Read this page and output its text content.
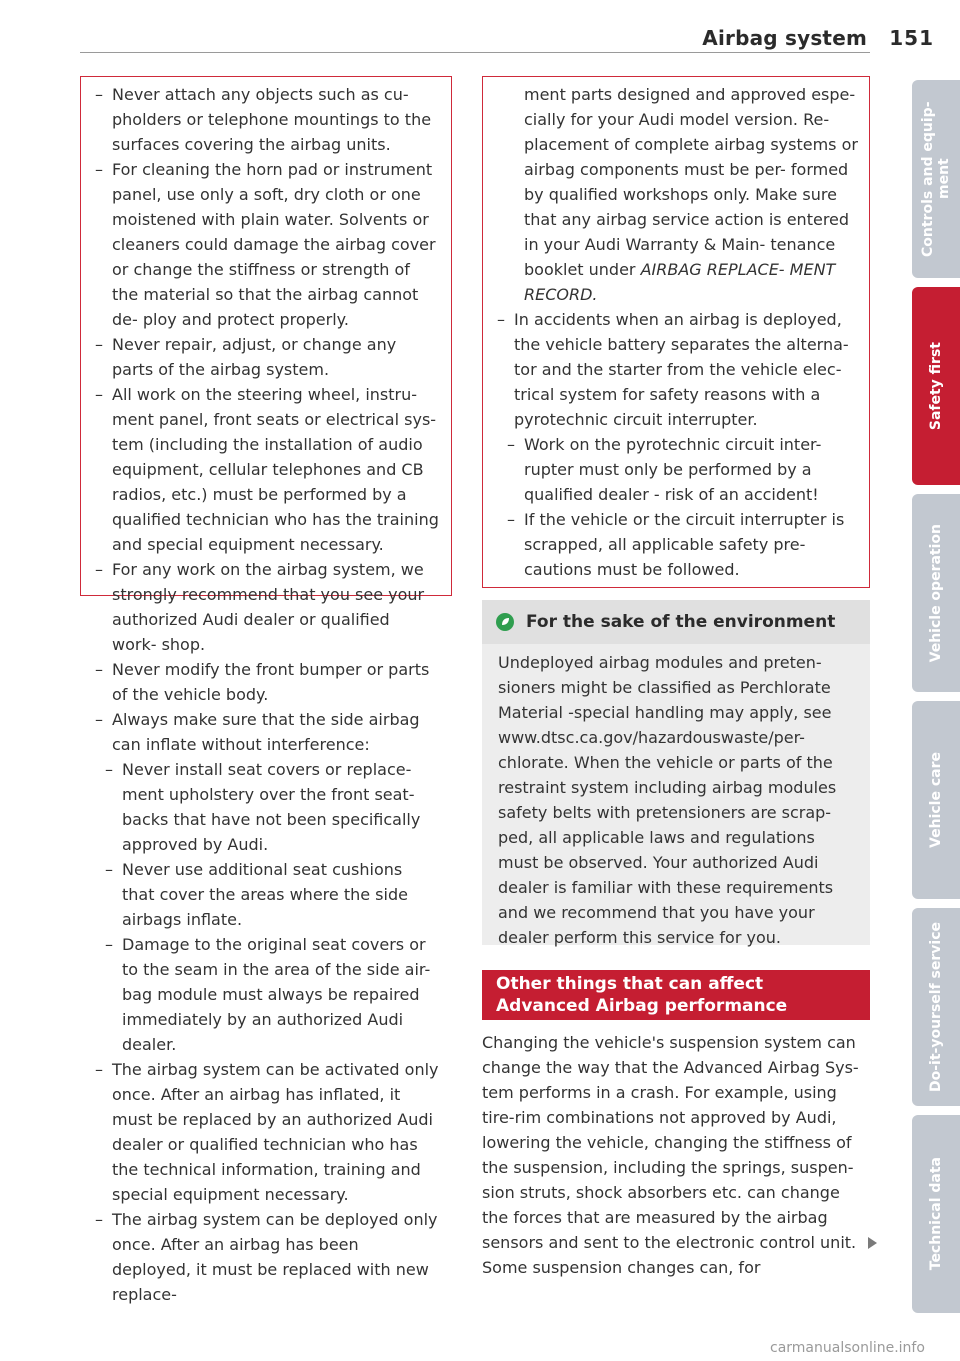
Airbag system 151
– Never attach any objects such as cu- pholders or telephone mountings to the surfaces covering the airbag units.
– For cleaning the horn pad or instrument panel, use only a soft, dry cloth or one moistened with plain water. Solvents or cleaners could damage the airbag cover or change the stiffness or strength of the material so that the airbag cannot de- ploy and protect properly.
– Never repair, adjust, or change any parts of the airbag system.
– All work on the steering wheel, instru- ment panel, front seats or electrical sys- tem (including the installation of audio equipment, cellular telephones and CB radios, etc.) must be performed by a qualified technician who has the training and special equipment necessary.
– For any work on the airbag system, we strongly recommend that you see your authorized Audi dealer or qualified work- shop.
– Never modify the front bumper or parts of the vehicle body.
– Always make sure that the side airbag can inflate without interference:
– Never install seat covers or replace- ment upholstery over the front seat- backs that have not been specifically approved by Audi.
– Never use additional seat cushions that cover the areas where the side airbags inflate.
– Damage to the original seat covers or to the seam in the area of the side air- bag module must always be repaired immediately by an authorized Audi dealer.
– The airbag system can be activated only once. After an airbag has inflated, it must be replaced by an authorized Audi dealer or qualified technician who has the technical information, training and special equipment necessary.
– The airbag system can be deployed only once. After an airbag has been deployed, it must be replaced with new replace-
ment parts designed and approved espe- cially for your Audi model version. Re- placement of complete airbag systems or airbag components must be per- formed by qualified workshops only. Make sure that any airbag service action is entered in your Audi Warranty & Main- tenance booklet under AIRBAG REPLACE- MENT RECORD.
– In accidents when an airbag is deployed, the vehicle battery separates the alterna- tor and the starter from the vehicle elec- trical system for safety reasons with a pyrotechnic circuit interrupter.
– Work on the pyrotechnic circuit inter- rupter must only be performed by a qualified dealer - risk of an accident!
– If the vehicle or the circuit interrupter is scrapped, all applicable safety pre- cautions must be followed.
For the sake of the environment
Undeployed airbag modules and preten- sioners might be classified as Perchlorate Material -special handling may apply, see www.dtsc.ca.gov/hazardouswaste/per- chlorate. When the vehicle or parts of the restraint system including airbag modules safety belts with pretensioners are scrap- ped, all applicable laws and regulations must be observed. Your authorized Audi dealer is familiar with these requirements and we recommend that you have your dealer perform this service for you.
Other things that can affect Advanced Airbag performance
Changing the vehicle's suspension system can change the way that the Advanced Airbag Sys- tem performs in a crash. For example, using tire-rim combinations not approved by Audi, lowering the vehicle, changing the stiffness of the suspension, including the springs, suspen- sion struts, shock absorbers etc. can change the forces that are measured by the airbag sensors and sent to the electronic control unit. Some suspension changes can, for
Controls and equip- ment
Safety first
Vehicle operation
Vehicle care
Do-it-yourself service
Technical data
carmanualsonline.info
